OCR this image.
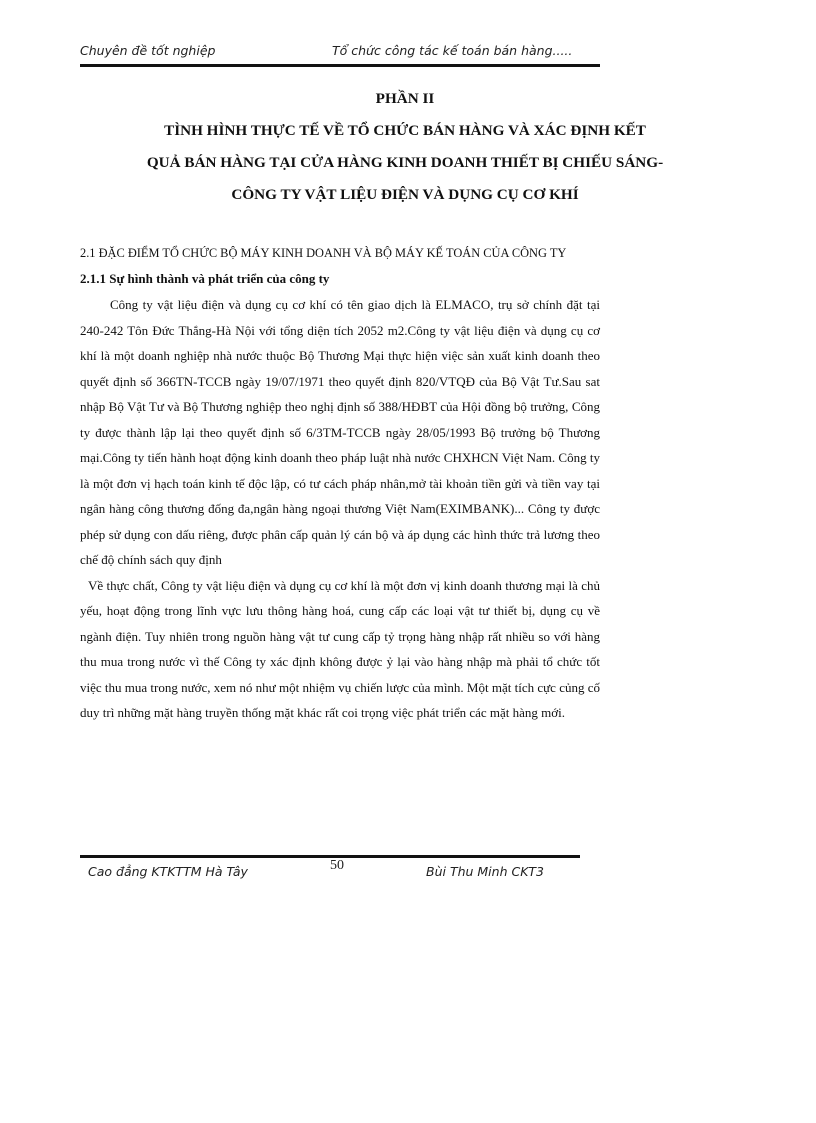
Chuyên đề tốt nghiệp	Tổ chức công tác kế toán bán hàng.....
PHẦN II
TÌNH HÌNH THỰC TẾ VỀ TỔ CHỨC BÁN HÀNG VÀ XÁC ĐỊNH KẾT
QUẢ BÁN HÀNG TẠI CỬA HÀNG KINH DOANH THIẾT BỊ CHIẾU SÁNG-
CÔNG TY VẬT LIỆU ĐIỆN VÀ DỤNG CỤ CƠ KHÍ
2.1 ĐẶC ĐIỂM TỔ CHỨC BỘ MÁY KINH DOANH VÀ BỘ MÁY KẾ TOÁN CỦA CÔNG TY
2.1.1 Sự hình thành và phát triển của công ty

Công ty vật liệu điện và dụng cụ cơ khí có tên giao dịch là ELMACO, trụ sở chính đặt tại 240-242 Tôn Đức Thắng-Hà Nội với tổng diện tích 2052 m2.Công ty vật liệu điện và dụng cụ cơ khí là một doanh nghiệp nhà nước thuộc Bộ Thương Mại thực hiện việc sản xuất kinh doanh theo quyết định số 366TN-TCCB ngày 19/07/1971 theo quyết định 820/VTQĐ của Bộ Vật Tư.Sau sat nhập Bộ Vật Tư và Bộ Thương nghiệp theo nghị định số 388/HĐBT của Hội đồng bộ trưởng, Công ty được thành lập lại theo quyết định số 6/3TM-TCCB ngày 28/05/1993 Bộ trưởng bộ Thương mại.Công ty tiến hành hoạt động kinh doanh theo pháp luật nhà nước CHXHCN Việt Nam. Công ty là một đơn vị hạch toán kinh tế độc lập, có tư cách pháp nhân,mở tài khoản tiền gửi và tiền vay tại ngân hàng công thương đống đa,ngân hàng ngoại thương Việt Nam(EXIMBANK)... Công ty được phép sử dụng con dấu riêng, được phân cấp quản lý cán bộ và áp dụng các hình thức trả lương theo chế độ chính sách quy định

Về thực chất, Công ty vật liệu điện và dụng cụ cơ khí là một đơn vị kinh doanh thương mại là chủ yếu, hoạt động trong lĩnh vực lưu thông hàng hoá, cung cấp các loại vật tư thiết bị, dụng cụ về ngành điện. Tuy nhiên trong nguồn hàng vật tư cung cấp tỷ trọng hàng nhập rất nhiều so với hàng thu mua trong nước vì thế Công ty xác định không được ỷ lại vào hàng nhập mà phải tổ chức tốt việc thu mua trong nước, xem nó như một nhiệm vụ chiến lược của mình. Một mặt tích cực củng cố duy trì những mặt hàng truyền thống mặt khác rất coi trọng việc phát triển các mặt hàng mới.

Cao đẳng KTKTTM Hà Tây	50	Bùi Thu Minh CKT3
